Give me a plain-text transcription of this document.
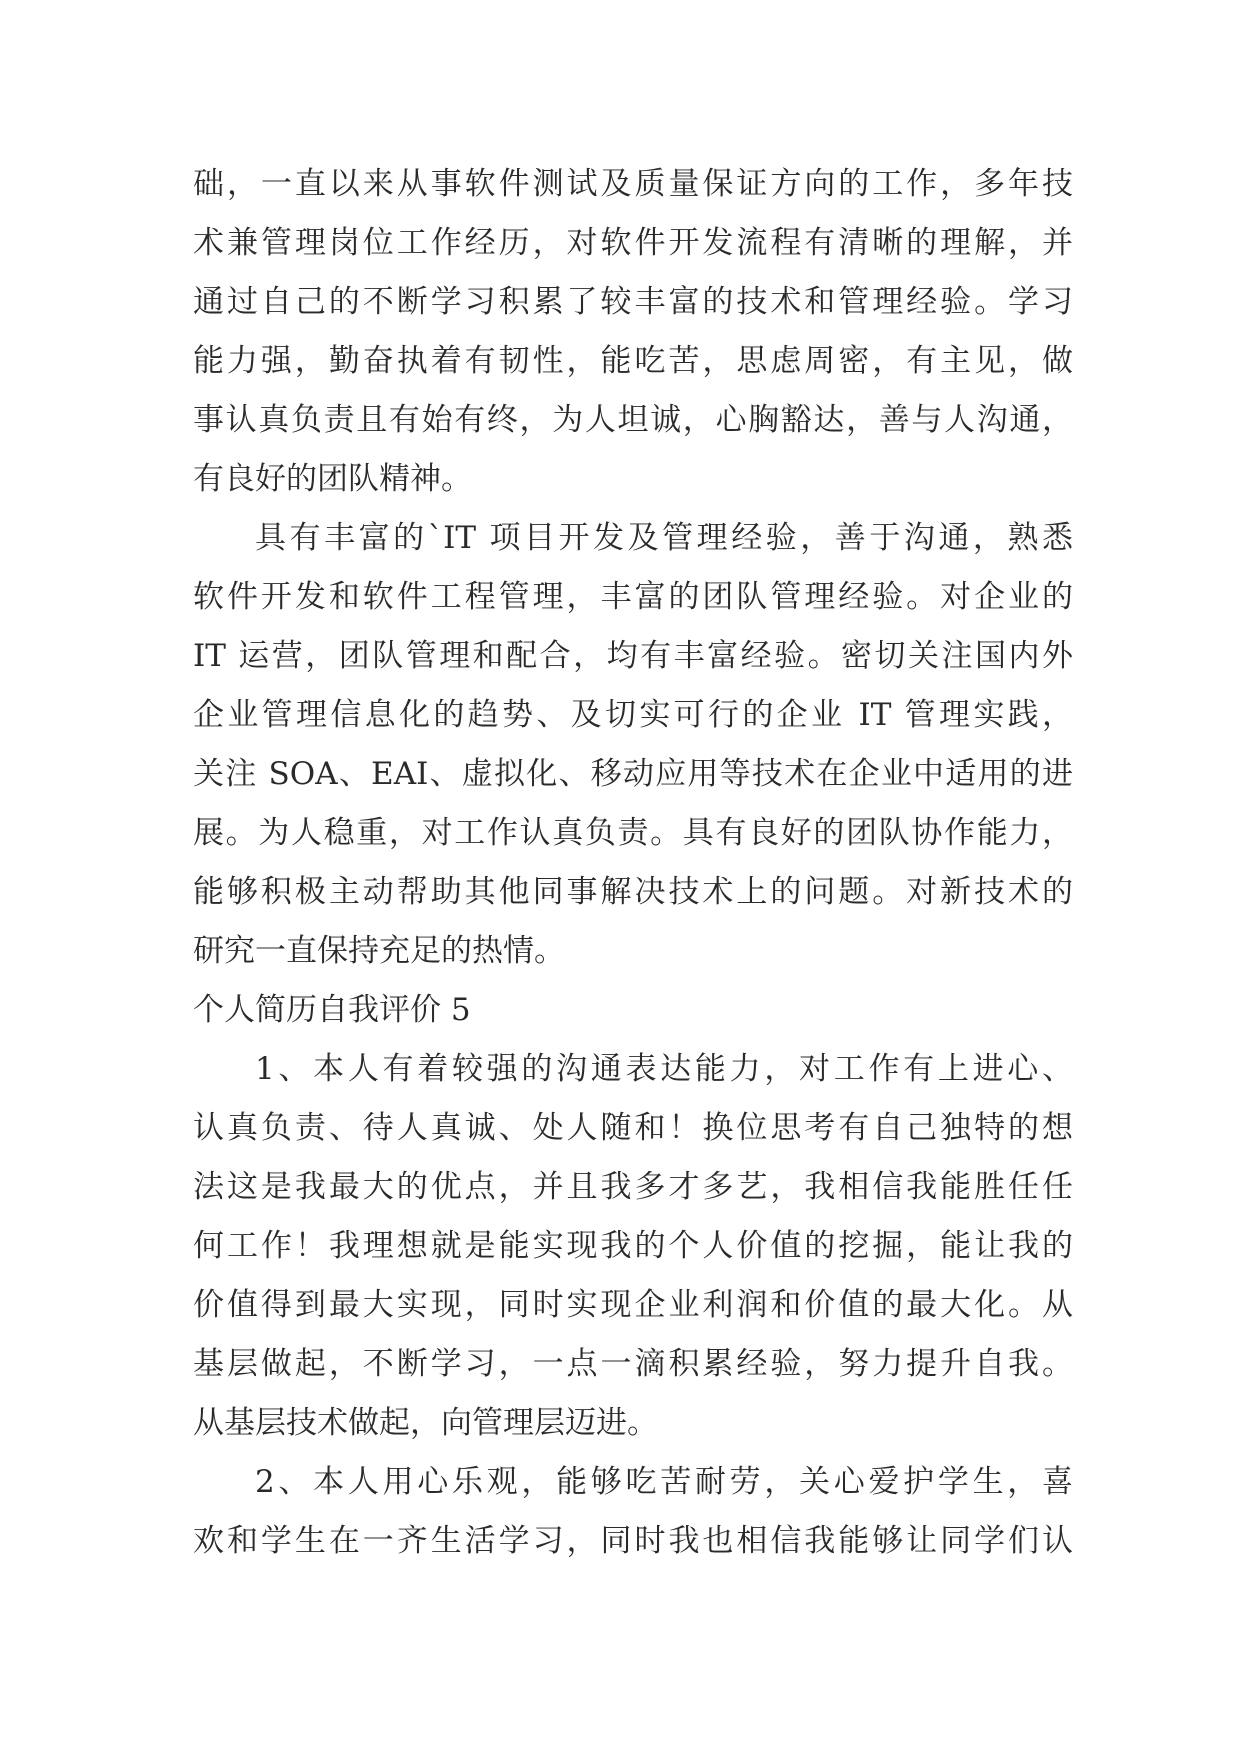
础，一直以来从事软件测试及质量保证方向的工作，多年技
术兼管理岗位工作经历，对软件开发流程有清晰的理解，并
通过自己的不断学习积累了较丰富的技术和管理经验。学习
能力强，勤奋执着有韧性，能吃苦，思虑周密，有主见，做
事认真负责且有始有终，为人坦诚，心胸豁达，善与人沟通，
有良好的团队精神。
具有丰富的`IT 项目开发及管理经验，善于沟通，熟悉
软件开发和软件工程管理，丰富的团队管理经验。对企业的
IT 运营，团队管理和配合，均有丰富经验。密切关注国内外
企业管理信息化的趋势、及切实可行的企业 IT 管理实践，
关注 SOA、EAI、虚拟化、移动应用等技术在企业中适用的进
展。为人稳重，对工作认真负责。具有良好的团队协作能力，
能够积极主动帮助其他同事解决技术上的问题。对新技术的
研究一直保持充足的热情。
个人简历自我评价 5
1、本人有着较强的沟通表达能力，对工作有上进心、
认真负责、待人真诚、处人随和！换位思考有自己独特的想
法这是我最大的优点，并且我多才多艺，我相信我能胜任任
何工作！我理想就是能实现我的个人价值的挖掘，能让我的
价值得到最大实现，同时实现企业利润和价值的最大化。从
基层做起，不断学习，一点一滴积累经验，努力提升自我。
从基层技术做起，向管理层迈进。
2、本人用心乐观，能够吃苦耐劳，关心爱护学生，喜
欢和学生在一齐生活学习，同时我也相信我能够让同学们认
